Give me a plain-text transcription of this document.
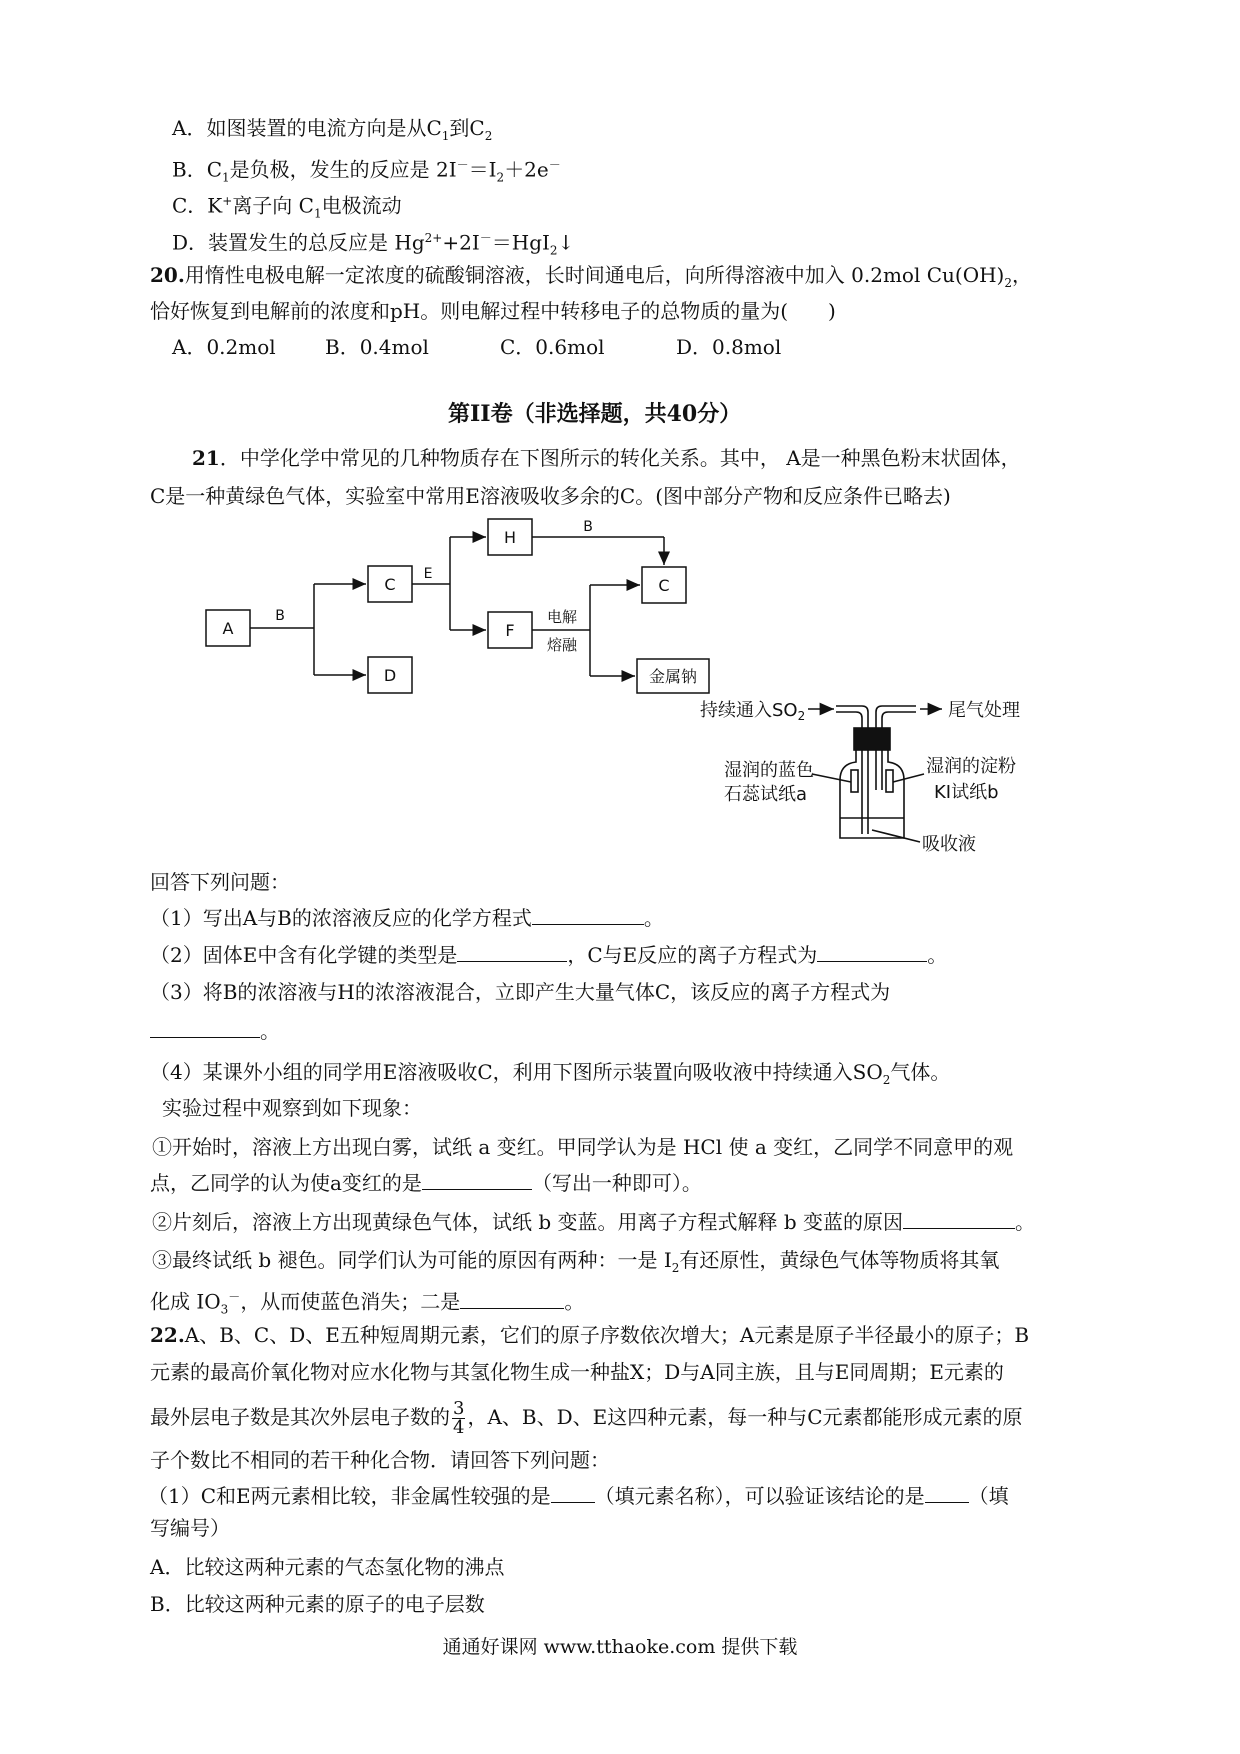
A．如图装置的电流方向是从$C_1$到$C_2$
B．$C_1$是负极，发生的反应是 $2I^-=I_2+2e^-$
C．K+离子向 $C_1$电极流动
D．装置发生的总反应是 $Hg^{2+}+2I^-=HgI_2↓$
20.用惰性电极电解一定浓度的硫酸铜溶液，长时间通电后，向所得溶液中加入 0.2mol $Cu(OH)_2$，
恰好恢复到电解前的浓度和pH。则电解过程中转移电子的总物质的量为(　　)
A．0.2mol B．0.4mol	C．0.6mol	D．0.8mol
第II卷（非选择题，共40分）
21．中学化学中常见的几种物质存在下图所示的转化关系。其中， A是一种黑色粉末状固体，
C是一种黄绿色气体，实验室中常用E溶液吸收多余的C。(图中部分产物和反应条件已略去)
A
C
D
H
F
C
金属钠
B
E
B
电解
熔融
持续通入$SO_2$	尾气处理
湿润的蓝色
石蕊试纸a
湿润的淀粉
KI试纸b
吸收液
回答下列问题：
（1）写出A与B的浓溶液反应的化学方程式	。
（2）固体E中含有化学键的类型是	，C与E反应的离子方程式为	。
（3）将B的浓溶液与H的浓溶液混合，立即产生大量气体C，该反应的离子方程式为
。
（4）某课外小组的同学用E溶液吸收C，利用下图所示装置向吸收液中持续通入$SO_2$气体。
实验过程中观察到如下现象：
①开始时，溶液上方出现白雾，试纸 a 变红。甲同学认为是 HCl 使 a 变红，乙同学不同意甲的观
点，乙同学的认为使a变红的是	（写出一种即可）。
②片刻后，溶液上方出现黄绿色气体，试纸 b 变蓝。用离子方程式解释 b 变蓝的原因	。
③最终试纸 b 褪色。同学们认为可能的原因有两种：一是 $I_2$有还原性，黄绿色气体等物质将其氧
化成 $IO_3^-$，从而使蓝色消失；二是	。
22.A、B、C、D、E五种短周期元素，它们的原子序数依次增大；A元素是原子半径最小的原子；B
元素的最高价氧化物对应水化物与其氢化物生成一种盐X；D与A同主族，且与E同周期；E元素的
最外层电子数是其次外层电子数的 $\frac{3}{4}$ ，A、B、D、E这四种元素，每一种与C元素都能形成元素的原
子个数比不相同的若干种化合物．请回答下列问题：
（1）C和E两元素相比较，非金属性较强的是 （填元素名称），可以验证该结论的是 （填
写编号）
A．比较这两种元素的气态氢化物的沸点
B．比较这两种元素的原子的电子层数
通通好课网 www.tthaoke.com 提供下载
